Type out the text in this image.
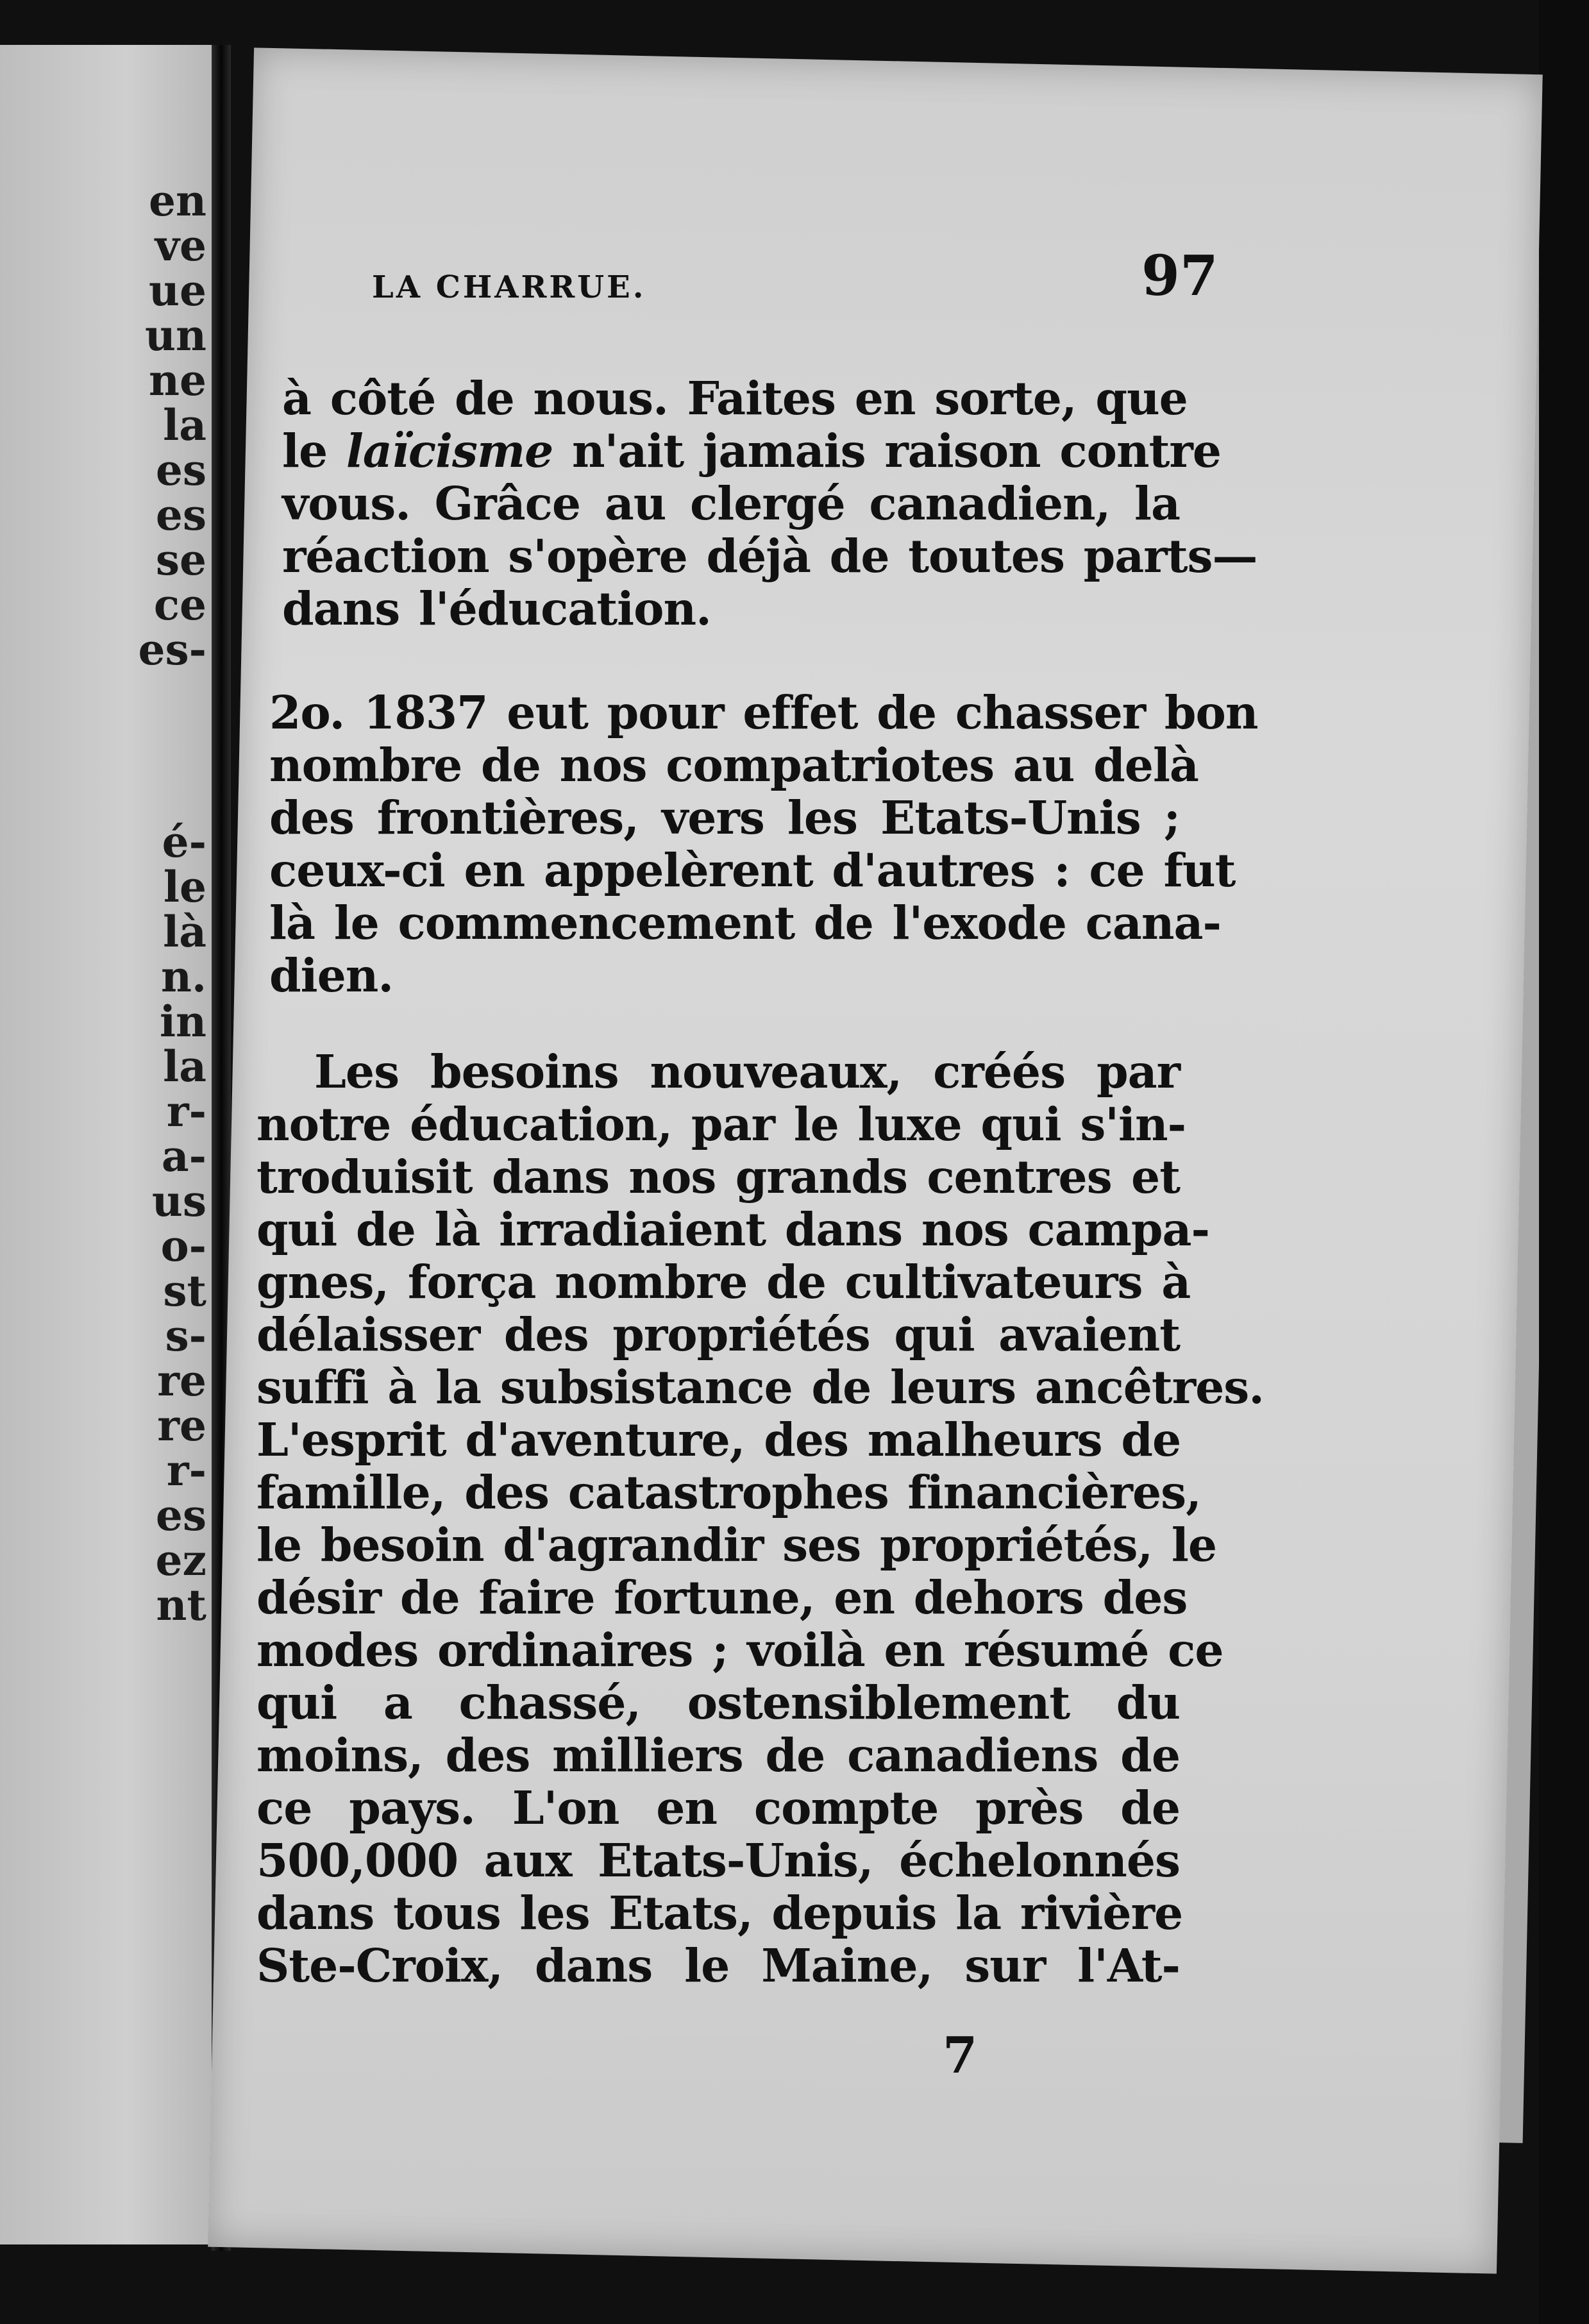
en
ve
ue
un
ne
la
es
es
se
ce
es-
é-
le
là
n.
in
la
r-
a-
us
o-
st
s-
re
re
r-
es
ez
nt
LA CHARRUE.	97
à côté de nous. Faites en sorte, que
le laïcisme n'ait jamais raison contre
vous. Grâce au clergé canadien, la
réaction s'opère déjà de toutes parts—
dans l'éducation.
2o. 1837 eut pour effet de chasser bon
nombre de nos compatriotes au delà
des frontières, vers les Etats-Unis ;
ceux-ci en appelèrent d'autres : ce fut
là le commencement de l'exode cana-
dien.
Les besoins nouveaux, créés par
notre éducation, par le luxe qui s'in-
troduisit dans nos grands centres et
qui de là irradiaient dans nos campa-
gnes, força nombre de cultivateurs à
délaisser des propriétés qui avaient
suffi à la subsistance de leurs ancêtres.
L'esprit d'aventure, des malheurs de
famille, des catastrophes financières,
le besoin d'agrandir ses propriétés, le
désir de faire fortune, en dehors des
modes ordinaires ; voilà en résumé ce
qui a chassé, ostensiblement du
moins, des milliers de canadiens de
ce pays. L'on en compte près de
500,000 aux Etats-Unis, échelonnés
dans tous les Etats, depuis la rivière
Ste-Croix, dans le Maine, sur l'At-
7
